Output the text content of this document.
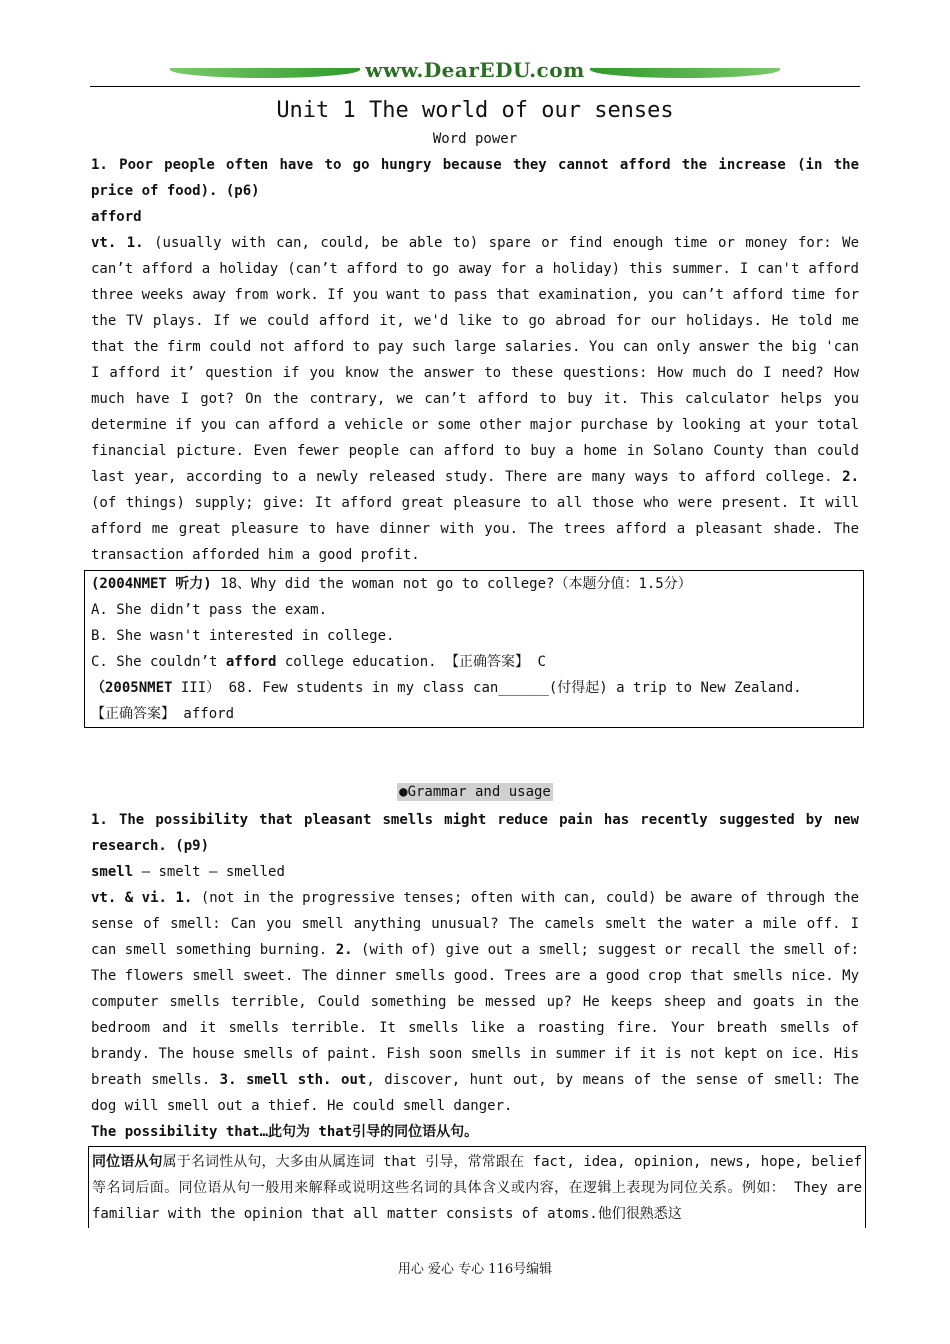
www.DearEDU.com
Unit 1 The world of our senses
Word power
1. Poor people often have to go hungry because they cannot afford the increase (in the price of food). (p6)
afford
vt. 1. (usually with can, could, be able to) spare or find enough time or money for: We can’t afford a holiday (can’t afford to go away for a holiday) this summer. I can't afford three weeks away from work. If you want to pass that examination, you can’t afford time for the TV plays. If we could afford it, we'd like to go abroad for our holidays. He told me that the firm could not afford to pay such large salaries. You can only answer the big 'can I afford it’ question if you know the answer to these questions: How much do I need? How much have I got? On the contrary, we can’t afford to buy it. This calculator helps you determine if you can afford a vehicle or some other major purchase by looking at your total financial picture. Even fewer people can afford to buy a home in Solano County than could last year, according to a newly released study. There are many ways to afford college. 2. (of things) supply; give: It afford great pleasure to all those who were present. It will afford me great pleasure to have dinner with you. The trees afford a pleasant shade. The transaction afforded him a good profit.
(2004NMET 听力) 18、Why did the woman not go to college?（本题分值：1.5分）
A. She didn’t pass the exam.
B. She wasn't interested in college.
C. She couldn’t afford college education. 【正确答案】 C
（2005NMET III） 68. Few students in my class can______(付得起) a trip to New Zealand.
【正确答案】 afford
●Grammar and usage
1. The possibility that pleasant smells might reduce pain has recently suggested by new research. (p9)
smell – smelt – smelled
vt. & vi. 1. (not in the progressive tenses; often with can, could) be aware of through the sense of smell: Can you smell anything unusual? The camels smelt the water a mile off. I can smell something burning. 2. (with of) give out a smell; suggest or recall the smell of: The flowers smell sweet. The dinner smells good. Trees are a good crop that smells nice. My computer smells terrible, Could something be messed up? He keeps sheep and goats in the bedroom and it smells terrible. It smells like a roasting fire. Your breath smells of brandy. The house smells of paint. Fish soon smells in summer if it is not kept on ice. His breath smells. 3. smell sth. out, discover, hunt out, by means of the sense of smell: The dog will smell out a thief. He could smell danger.
The possibility that…此句为 that引导的同位语从句。
同位语从句属于名词性从句，大多由从属连词 that 引导，常常跟在 fact, idea, opinion, news, hope, belief 等名词后面。同位语从句一般用来解释或说明这些名词的具体含义或内容，在逻辑上表现为同位关系。例如： They are familiar with the opinion that all matter consists of atoms.他们很熟悉这
用心 爱心 专心 116号编辑
